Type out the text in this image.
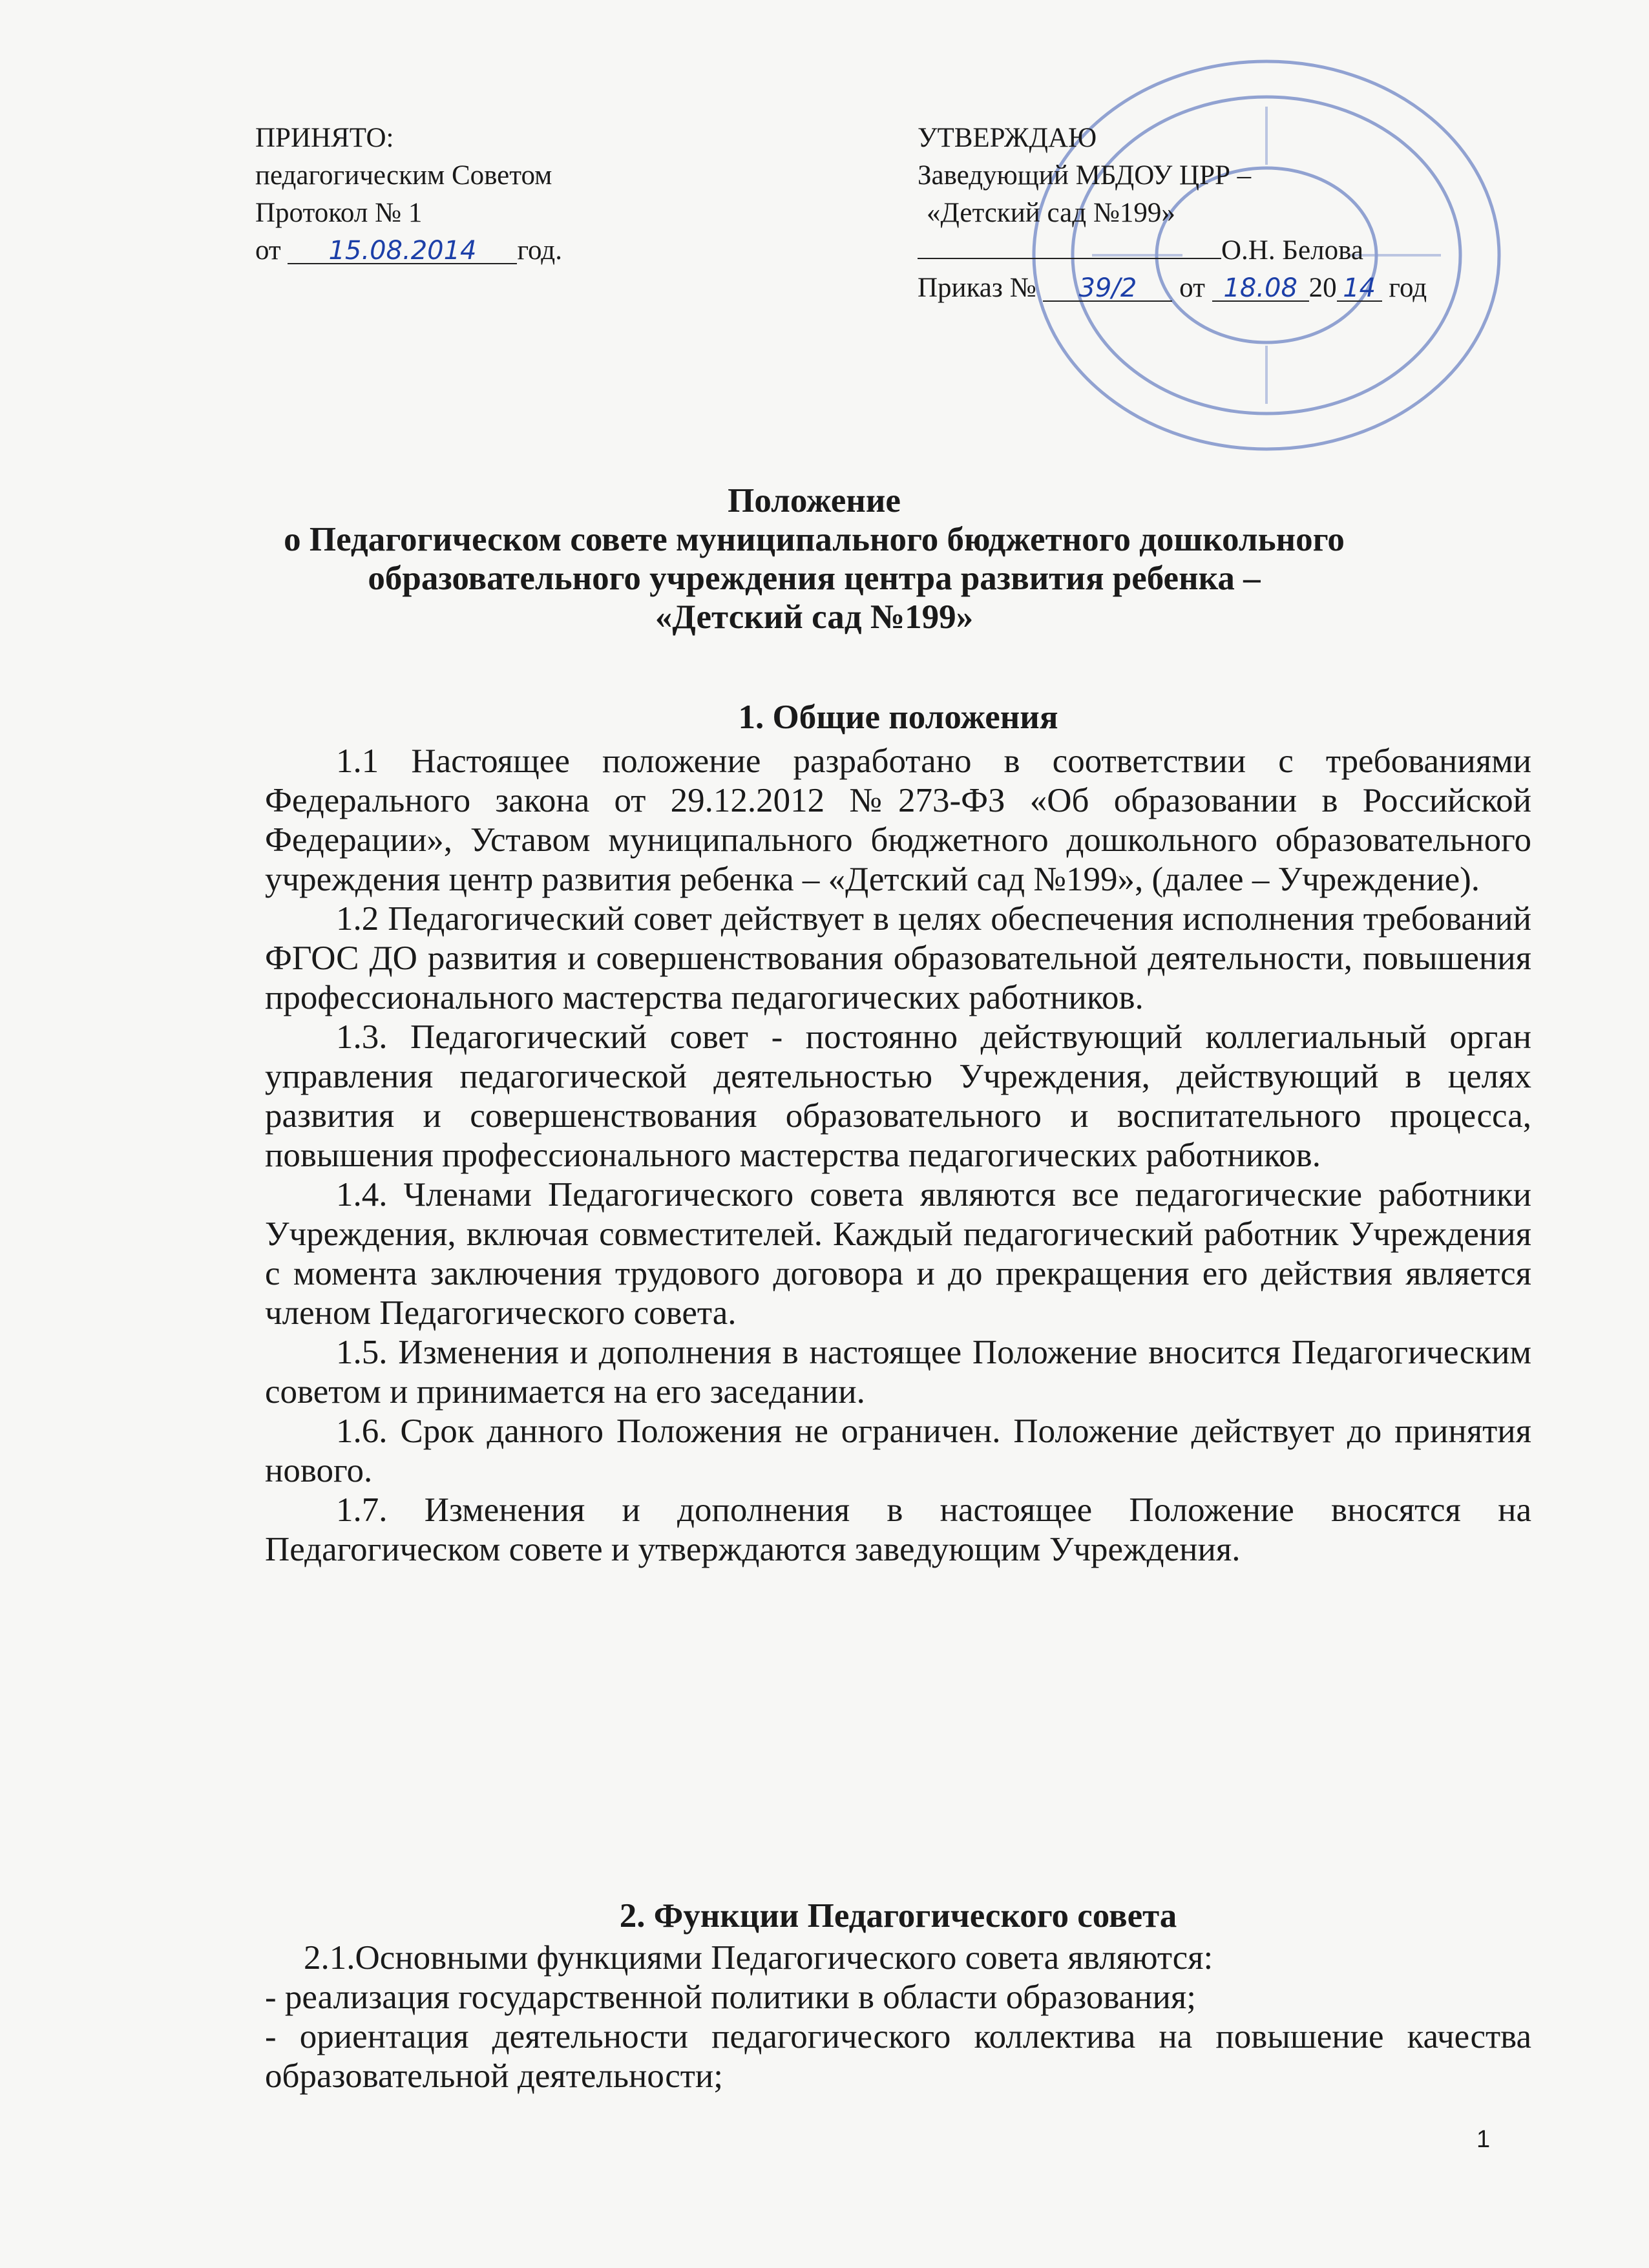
ПРИНЯТО:
педагогическим Советом
Протокол № 1
от 15.08.2014 год.
УТВЕРЖДАЮ
Заведующий МБДОУ ЦРР –
«Детский сад №199»
О.Н. Белова
Приказ № 39/2 от 18.08 20 14 год
Положение
о Педагогическом совете муниципального бюджетного дошкольного
образовательного учреждения центра развития ребенка –
«Детский сад №199»
1. Общие положения

1.1 Настоящее положение разработано в соответствии с требованиями Федерального закона от 29.12.2012 №273-ФЗ «Об образовании в Российской Федерации», Уставом муниципального бюджетного дошкольного образовательного учреждения центр развития ребенка – «Детский сад №199», (далее – Учреждение).

1.2 Педагогический совет действует в целях обеспечения исполнения требований ФГОС ДО развития и совершенствования образовательной деятельности, повышения профессионального мастерства педагогических работников.

1.3. Педагогический совет - постоянно действующий коллегиальный орган управления педагогической деятельностью Учреждения, действующий в целях развития и совершенствования образовательного и воспитательного процесса, повышения профессионального мастерства педагогических работников.

1.4. Членами Педагогического совета являются все педагогические работники Учреждения, включая совместителей. Каждый педагогический работник Учреждения с момента заключения трудового договора и до прекращения его действия является членом Педагогического совета.

1.5. Изменения и дополнения в настоящее Положение вносится Педагогическим советом и принимается на его заседании.

1.6. Срок данного Положения не ограничен. Положение действует до принятия нового.

1.7. Изменения и дополнения в настоящее Положение вносятся на Педагогичеcком совете и утверждаются заведующим Учреждения.

2. Функции Педагогического совета

2.1.Основными функциями Педагогического совета являются:

- реализация государственной политики в области образования;

- ориентация деятельности педагогического коллектива на повышение качества образовательной деятельности;

1
